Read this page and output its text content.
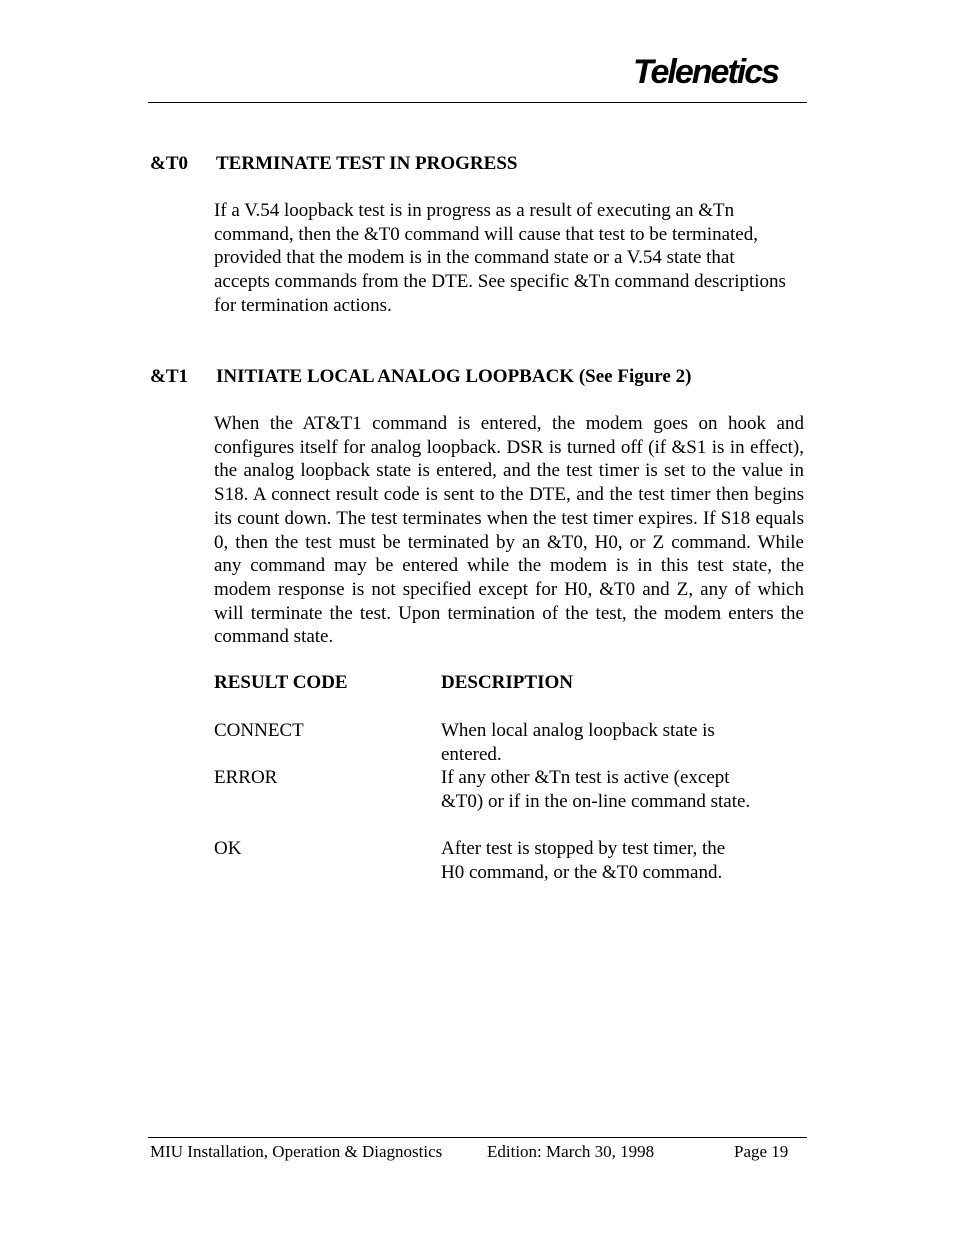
Telenetiсs
&T0 TERMINATE TEST IN PROGRESS
If a V.54 loopback test is in progress as a result of executing an &Tn command, then the &T0 command will cause that test to be terminated, provided that the modem is in the command state or a V.54 state that accepts commands from the DTE. See specific &Tn command descriptions for termination actions.
&T1 INITIATE LOCAL ANALOG LOOPBACK (See Figure 2)
When the AT&T1 command is entered, the modem goes on hook and configures itself for analog loopback. DSR is turned off (if &S1 is in effect), the analog loopback state is entered, and the test timer is set to the value in S18. A connect result code is sent to the DTE, and the test timer then begins its count down. The test terminates when the test timer expires. If S18 equals 0, then the test must be terminated by an &T0, H0, or Z command. While any command may be entered while the modem is in this test state, the modem response is not specified except for H0, &T0 and Z, any of which will terminate the test. Upon termination of the test, the modem enters the command state.
RESULT CODE	DESCRIPTION
CONNECT	When local analog loopback state is entered.
ERROR	If any other &Tn test is active (except &T0) or if in the on-line command state.
OK	After test is stopped by test timer, the H0 command, or the &T0 command.
MIU Installation, Operation & Diagnostics	Edition: March 30, 1998	Page 19
